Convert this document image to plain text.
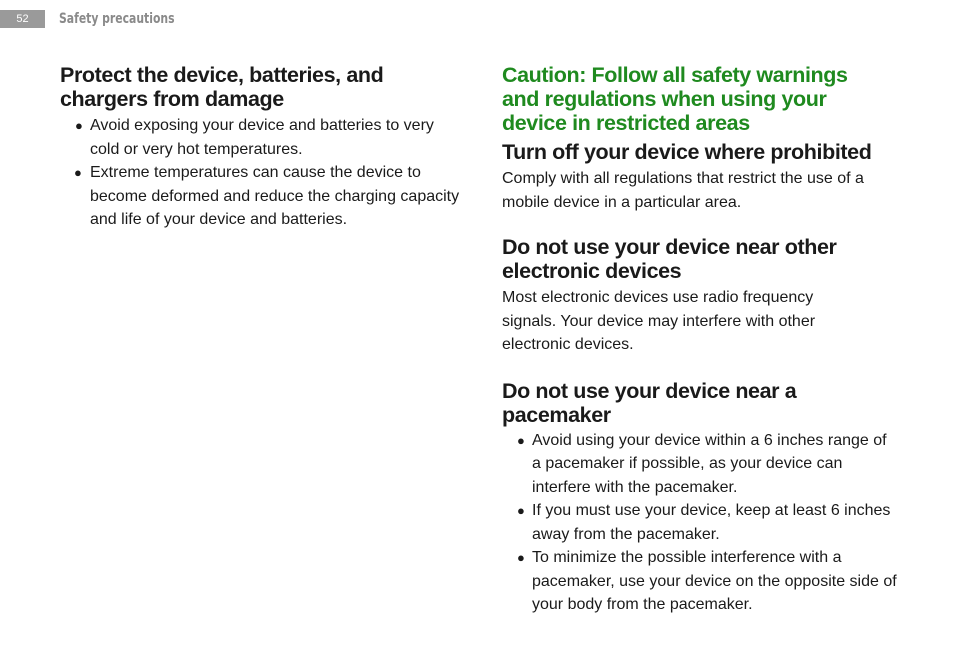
52	Safety precautions
Protect the device, batteries, and chargers from damage
● Avoid exposing your device and batteries to very cold or very hot temperatures.
● Extreme temperatures can cause the device to become deformed and reduce the charging capacity and life of your device and batteries.
Caution: Follow all safety warnings and regulations when using your device in restricted areas
Turn off your device where prohibited

Comply with all regulations that restrict the use of a mobile device in a particular area.

Do not use your device near other electronic devices

Most electronic devices use radio frequency signals. Your device may interfere with other electronic devices.

Do not use your device near a pacemaker
● Avoid using your device within a 6 inches range of a pacemaker if possible, as your device can interfere with the pacemaker.
● If you must use your device, keep at least 6 inches away from the pacemaker.
● To minimize the possible interference with a pacemaker, use your device on the opposite side of your body from the pacemaker.
